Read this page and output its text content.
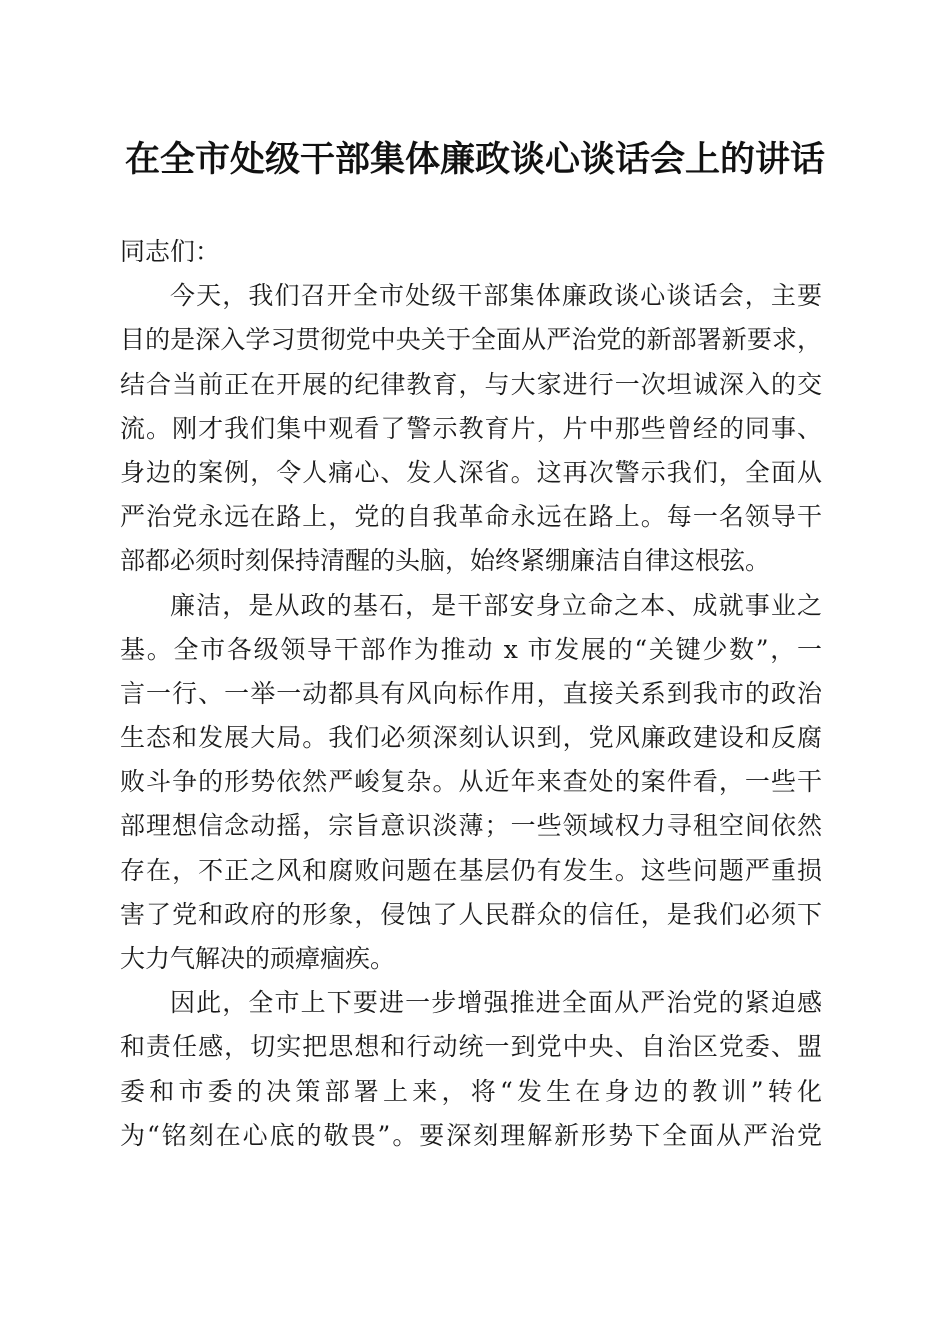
在全市处级干部集体廉政谈心谈话会上的讲话
同志们：
今天，我们召开全市处级干部集体廉政谈心谈话会，主要
目的是深入学习贯彻党中央关于全面从严治党的新部署新要求，
结合当前正在开展的纪律教育，与大家进行一次坦诚深入的交
流。刚才我们集中观看了警示教育片，片中那些曾经的同事、
身边的案例，令人痛心、发人深省。这再次警示我们，全面从
严治党永远在路上，党的自我革命永远在路上。每一名领导干
部都必须时刻保持清醒的头脑，始终紧绷廉洁自律这根弦。
廉洁，是从政的基石，是干部安身立命之本、成就事业之
基。全市各级领导干部作为推动 x 市发展的“关键少数”，一
言一行、一举一动都具有风向标作用，直接关系到我市的政治
生态和发展大局。我们必须深刻认识到，党风廉政建设和反腐
败斗争的形势依然严峻复杂。从近年来查处的案件看，一些干
部理想信念动摇，宗旨意识淡薄；一些领域权力寻租空间依然
存在，不正之风和腐败问题在基层仍有发生。这些问题严重损
害了党和政府的形象，侵蚀了人民群众的信任，是我们必须下
大力气解决的顽瘴痼疾。
因此，全市上下要进一步增强推进全面从严治党的紧迫感
和责任感，切实把思想和行动统一到党中央、自治区党委、盟
委和市委的决策部署上来，将“发生在身边的教训”转化
为“铭刻在心底的敬畏”。要深刻理解新形势下全面从严治党
